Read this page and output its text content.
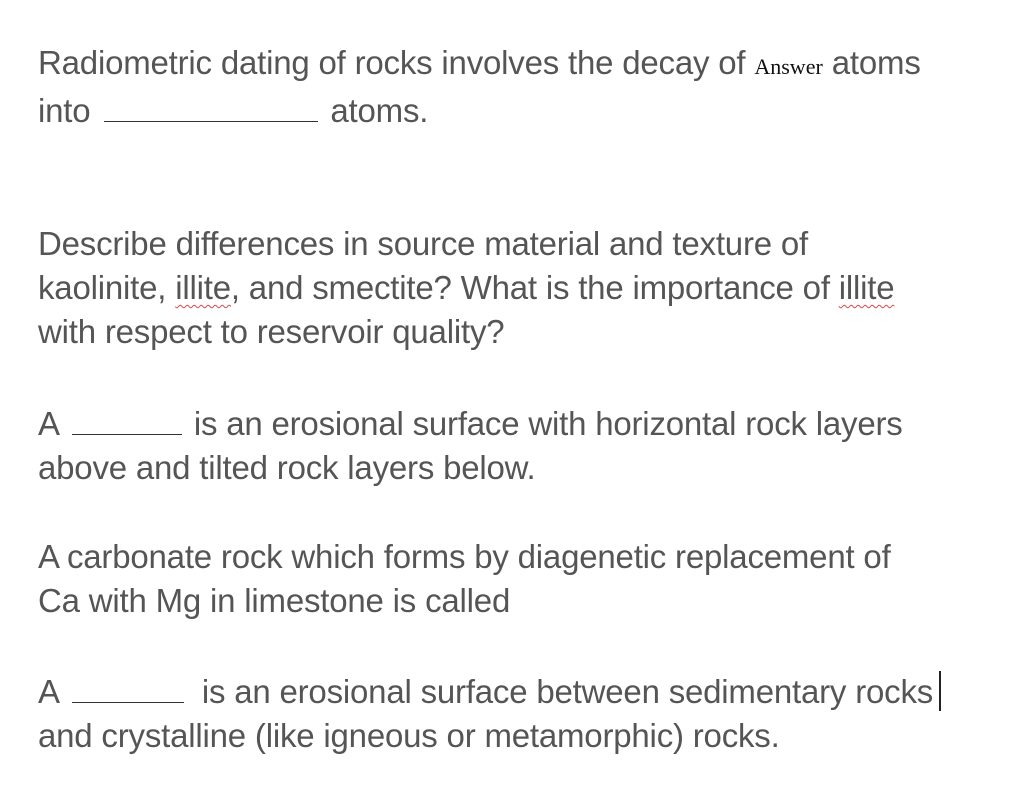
Radiometric dating of rocks involves the decay of Answer atoms
into	atoms.
Describe differences in source material and texture of
kaolinite, illite, and smectite? What is the importance of illite
with respect to reservoir quality?
A	is an erosional surface with horizontal rock layers
above and tilted rock layers below.
A carbonate rock which forms by diagenetic replacement of
Ca with Mg in limestone is called
A	is an erosional surface between sedimentary rocks
and crystalline (like igneous or metamorphic) rocks.
